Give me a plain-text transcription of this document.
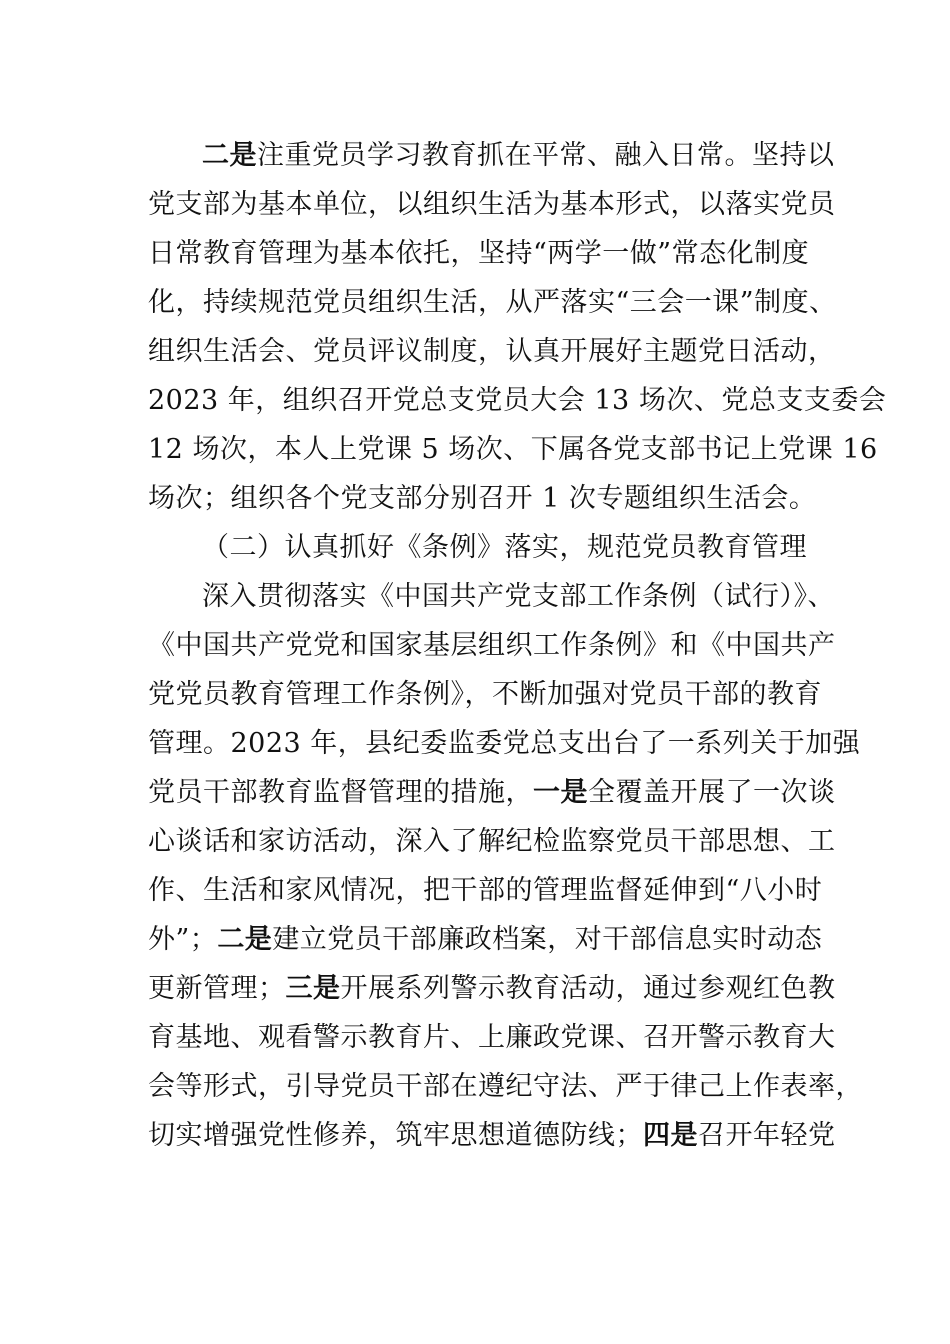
二是注重党员学习教育抓在平常、融入日常。坚持以
党支部为基本单位，以组织生活为基本形式，以落实党员
日常教育管理为基本依托，坚持“两学一做”常态化制度
化，持续规范党员组织生活，从严落实“三会一课”制度、
组织生活会、党员评议制度，认真开展好主题党日活动，
2023 年，组织召开党总支党员大会 13 场次、党总支支委会
12 场次，本人上党课 5 场次、下属各党支部书记上党课 16
场次；组织各个党支部分别召开 1 次专题组织生活会。
（二）认真抓好《条例》落实，规范党员教育管理
深入贯彻落实《中国共产党支部工作条例（试行）》、
《中国共产党党和国家基层组织工作条例》和《中国共产
党党员教育管理工作条例》，不断加强对党员干部的教育
管理。2023 年，县纪委监委党总支出台了一系列关于加强
党员干部教育监督管理的措施，一是全覆盖开展了一次谈
心谈话和家访活动，深入了解纪检监察党员干部思想、工
作、生活和家风情况，把干部的管理监督延伸到“八小时
外”；二是建立党员干部廉政档案，对干部信息实时动态
更新管理；三是开展系列警示教育活动，通过参观红色教
育基地、观看警示教育片、上廉政党课、召开警示教育大
会等形式，引导党员干部在遵纪守法、严于律己上作表率，
切实增强党性修养，筑牢思想道德防线；四是召开年轻党
